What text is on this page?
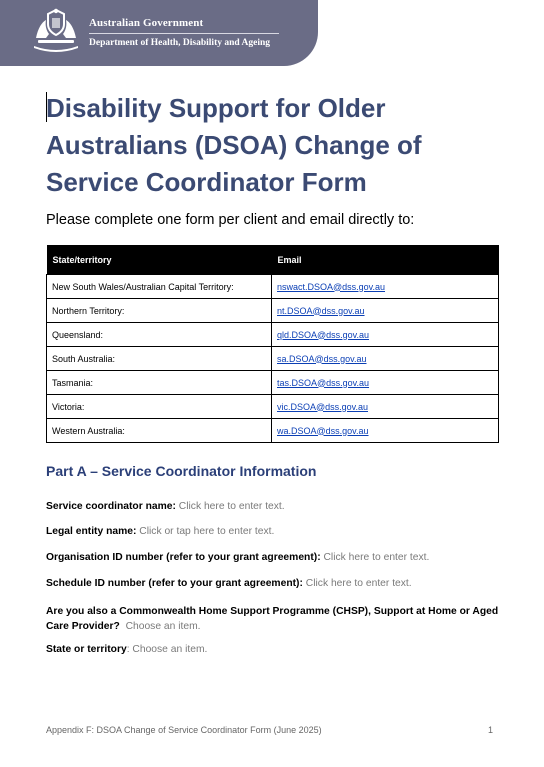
Australian Government
Department of Health, Disability and Ageing
Disability Support for Older Australians (DSOA) Change of Service Coordinator Form

Please complete one form per client and email directly to:

State/territory	Email
New South Wales/Australian Capital Territory:	nswact.DSOA@dss.gov.au
Northern Territory:	nt.DSOA@dss.gov.au
Queensland:	qld.DSOA@dss.gov.au
South Australia:	sa.DSOA@dss.gov.au
Tasmania:	tas.DSOA@dss.gov.au
Victoria:	vic.DSOA@dss.gov.au
Western Australia:	wa.DSOA@dss.gov.au
Part A – Service Coordinator Information

Service coordinator name: Click here to enter text.

Legal entity name: Click or tap here to enter text.

Organisation ID number (refer to your grant agreement): Click here to enter text.

Schedule ID number (refer to your grant agreement): Click here to enter text.

Are you also a Commonwealth Home Support Programme (CHSP), Support at Home or Aged Care Provider? Choose an item.

State or territory: Choose an item.

Appendix F: DSOA Change of Service Coordinator Form (June 2025)	1
